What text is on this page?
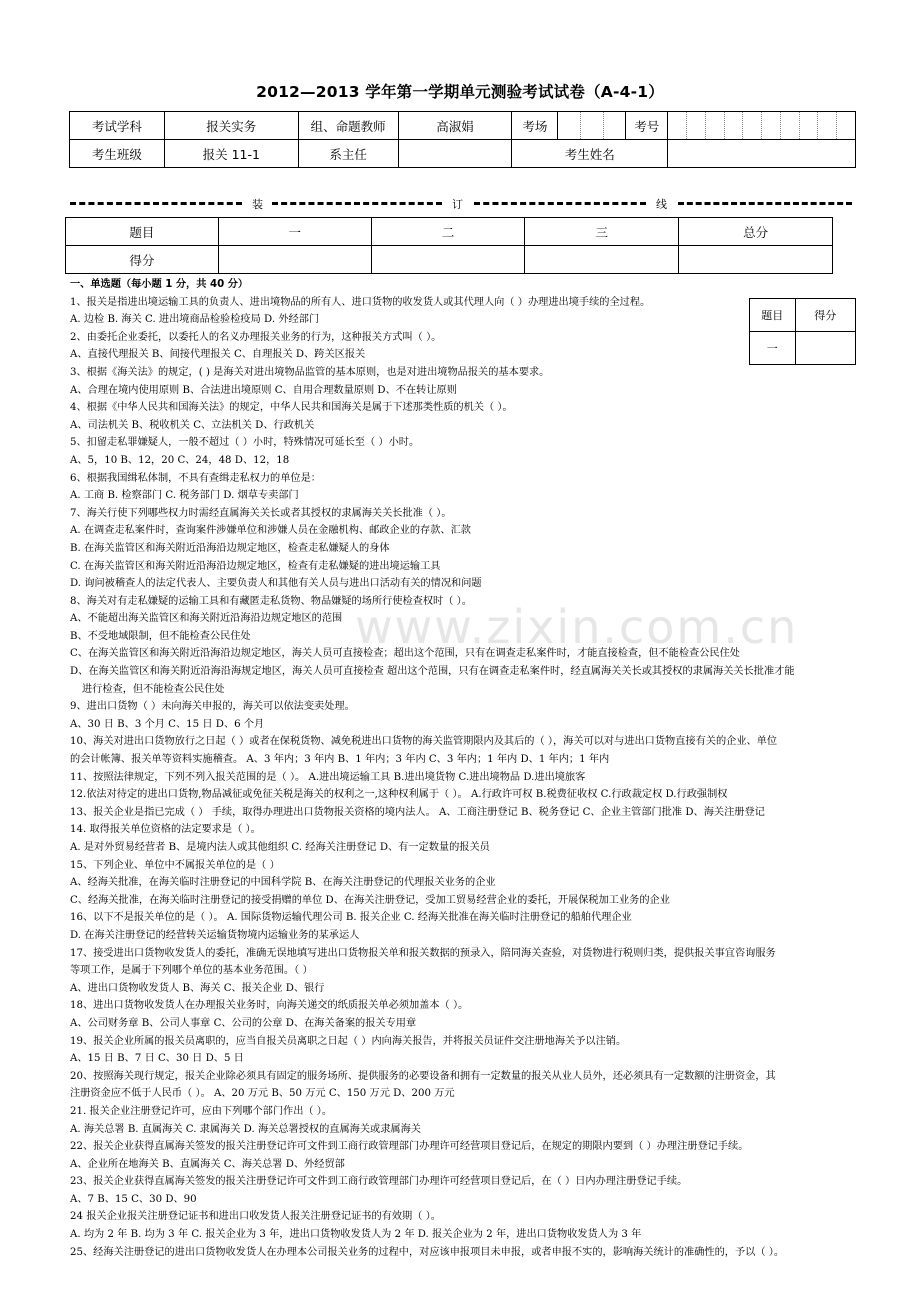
2012—2013 学年第一学期单元测验考试试卷（A-4-1）
考试学科	报关实务	组、命题教师	高淑娟	考场		考号	

考生班级	报关 11-1	系主任		考生姓名			
装	订	线
题目	一	二	三	总分
得分				
题目	得分
一	
www.zixin.com.cn
一、单选题（每小题 1 分，共 40 分）
1、报关是指进出境运输工具的负责人、进出境物品的所有人、进口货物的收发货人或其代理人向（ ）办理进出境手续的全过程。
A. 边检 B. 海关 C. 进出境商品检验检疫局 D. 外经部门
2、由委托企业委托，以委托人的名义办理报关业务的行为，这种报关方式叫（ ）。
A、直接代理报关 B、间接代理报关 C、自理报关 D、跨关区报关
3、根据《海关法》的规定，( ) 是海关对进出境物品监管的基本原则，也是对进出境物品报关的基本要求。
A、合理在境内使用原则 B、合法进出境原则 C、自用合理数量原则 D、不在转让原则
4、根据《中华人民共和国海关法》的规定，中华人民共和国海关是属于下述那类性质的机关（ ）。
A、司法机关 B、税收机关 C、立法机关 D、行政机关
5、扣留走私罪嫌疑人，一般不超过（ ）小时，特殊情况可延长至（ ）小时。
A、5，10 B、12，20 C、24，48 D、12，18
6、根据我国缉私体制，不具有查缉走私权力的单位是：
A. 工商 B. 检察部门 C. 税务部门 D. 烟草专卖部门
7、海关行使下列哪些权力时需经直属海关关长或者其授权的隶属海关关长批准（ ）。
A. 在调查走私案件时，查询案件涉嫌单位和涉嫌人员在金融机构、邮政企业的存款、汇款
B. 在海关监管区和海关附近沿海沿边规定地区，检查走私嫌疑人的身体
C. 在海关监管区和海关附近沿海沿边规定地区，检查有走私嫌疑的进出境运输工具
D. 询问被稽查人的法定代表人、主要负责人和其他有关人员与进出口活动有关的情况和问题
8、海关对有走私嫌疑的运输工具和有藏匿走私货物、物品嫌疑的场所行使检查权时（ ）。
A、不能超出海关监管区和海关附近沿海沿边规定地区的范围
B、不受地域限制，但不能检查公民住处
C、在海关监管区和海关附近沿海沿边规定地区，海关人员可直接检查；超出这个范围，只有在调查走私案件时，才能直接检查，但不能检查公民住处
D、在海关监管区和海关附近沿海沿海规定地区，海关人员可直接检查 超出这个范围，只有在调查走私案件时，经直属海关关长或其授权的隶属海关关长批准才能
进行检查，但不能检查公民住处
9、进出口货物（ ）未向海关申报的，海关可以依法变卖处理。
A、30 日 B、3 个月 C、15 日 D、6 个月
10、海关对进出口货物放行之日起（ ）或者在保税货物、减免税进出口货物的海关监管期限内及其后的（ ），海关可以对与进出口货物直接有关的企业、单位
的会计帐簿、报关单等资料实施稽查。 A、3 年内；3 年内 B、1 年内；3 年内 C、3 年内；1 年内 D、1 年内；1 年内
11、按照法律规定，下列不列入报关范围的是（ ）。 A.进出境运输工具 B.进出境货物 C.进出境物品 D.进出境旅客
12.依法对待定的进出口货物,物品减征或免征关税是海关的权利之一,这种权利属于（ ）。 A.行政许可权 B.税费征收权 C.行政裁定权 D.行政强制权
13、报关企业是指已完成（ ） 手续，取得办理进出口货物报关资格的境内法人。 A、工商注册登记 B、税务登记 C、企业主管部门批准 D、海关注册登记
14. 取得报关单位资格的法定要求是（ ）。
A. 是对外贸易经营者 B、是境内法人或其他组织 C. 经海关注册登记 D、有一定数量的报关员
15、下列企业、单位中不属报关单位的是（ ）
A、经海关批准，在海关临时注册登记的中国科学院 B、在海关注册登记的代理报关业务的企业
C、经海关批准，在海关临时注册登记的接受捐赠的单位 D、在海关注册登记，受加工贸易经营企业的委托，开展保税加工业务的企业
16、以下不是报关单位的是（ ）。 A. 国际货物运输代理公司 B. 报关企业 C. 经海关批准在海关临时注册登记的船舶代理企业
D. 在海关注册登记的经营转关运输货物境内运输业务的某承运人
17、接受进出口货物收发货人的委托，准确无误地填写进出口货物报关单和报关数据的预录入，陪同海关查验，对货物进行税则归类，提供报关事宜咨询服务
等项工作，是属于下列哪个单位的基本业务范围。（ ）
A、进出口货物收发货人 B、海关 C、报关企业 D、银行
18、进出口货物收发货人在办理报关业务时，向海关递交的纸质报关单必须加盖本（ ）。
A、公司财务章 B、公司人事章 C、公司的公章 D、在海关备案的报关专用章
19、报关企业所属的报关员离职的，应当自报关员离职之日起（ ）内向海关报告，并将报关员证件交注册地海关予以注销。
A、15 日 B、7 日 C、30 日 D、5 日
20、按照海关现行规定，报关企业除必须具有固定的服务场所、提供服务的必要设备和拥有一定数量的报关从业人员外，还必须具有一定数额的注册资金，其
注册资金应不低于人民币（ ）。 A、20 万元 B、50 万元 C、150 万元 D、200 万元
21. 报关企业注册登记许可，应由下列哪个部门作出（ ）。
A. 海关总署 B. 直属海关 C. 隶属海关 D. 海关总署授权的直属海关或隶属海关
22、报关企业获得直属海关签发的报关注册登记许可文件到工商行政管理部门办理许可经营项目登记后，在规定的期限内要到（ ）办理注册登记手续。
A、企业所在地海关 B、直属海关 C、海关总署 D、外经贸部
23、报关企业获得直属海关签发的报关注册登记许可文件到工商行政管理部门办理许可经营项目登记后，在（ ）日内办理注册登记手续。
A、7 B、15 C、30 D、90
24 报关企业报关注册登记证书和进出口收发货人报关注册登记证书的有效期（ ）。
A. 均为 2 年 B. 均为 3 年 C. 报关企业为 3 年，进出口货物收发货人为 2 年 D. 报关企业为 2 年，进出口货物收发货人为 3 年
25、经海关注册登记的进出口货物收发货人在办理本公司报关业务的过程中，对应该申报项目未申报，或者申报不实的，影响海关统计的准确性的，予以（ ）。
